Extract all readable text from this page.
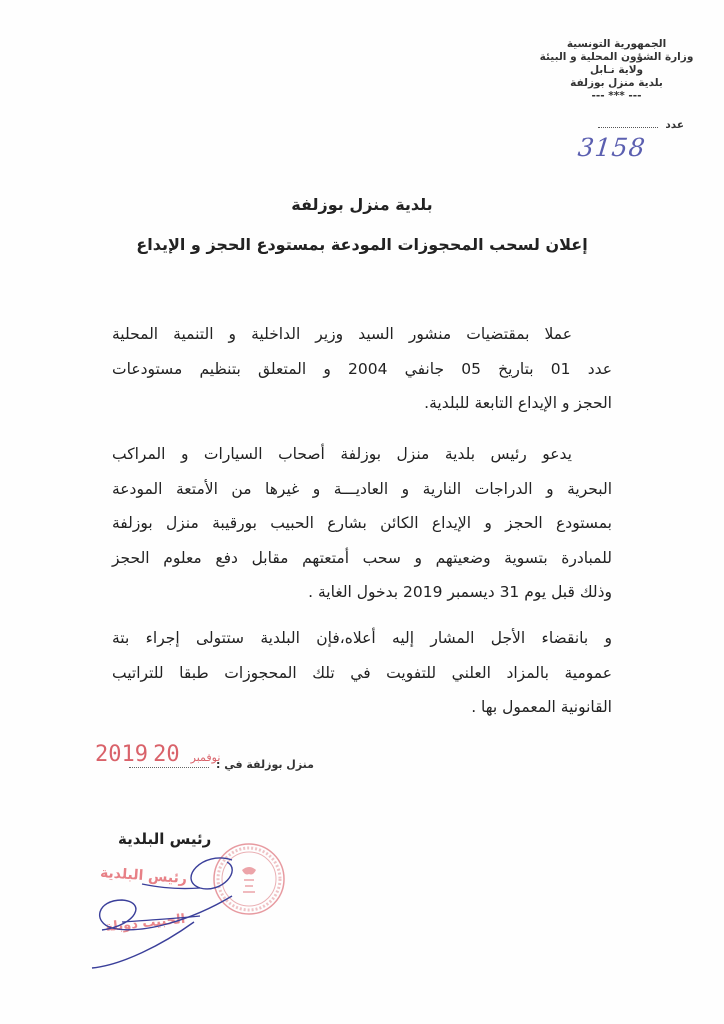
الجمهورية التونسية
وزارة الشؤون المحلية و البيئة
ولاية نـابل
بلدية منزل بوزلفة
--- *** ---
عدد
3158
بلدية منزل بوزلفة
إعلان لسحب المحجوزات المودعة بمستودع الحجز و الإيداع
عملا بمقتضيات منشور السيد وزير الداخلية و التنمية المحلية
عدد 01 بتاريخ 05 جانفي 2004 و المتعلق بتنظيم مستودعات
الحجز و الإيداع التابعة للبلدية.
يدعو رئيس بلدية منزل بوزلفة أصحاب السيارات و المراكب
البحرية و الدراجات النارية و العاديـــة و غيرها من الأمتعة المودعة
بمستودع الحجز و الإيداع الكائن بشارع الحبيب بورقيبة منزل بوزلفة
للمبادرة بتسوية وضعيتهم و سحب أمتعتهم مقابل دفع معلوم الحجز
وذلك قبل يوم 31 ديسمبر 2019 بدخول الغاية .
و بانقضاء الأجل المشار إليه أعلاه،فإن البلدية ستتولى إجراء بتة
عمومية بالمزاد العلني للتفويت في تلك المحجوزات طبقا للتراتيب
القانونية المعمول بها .
منزل بوزلفة في :
2019	نوفمبر 20
رئيس البلدية
رئيس البلدية
الحبيب دوبلة
